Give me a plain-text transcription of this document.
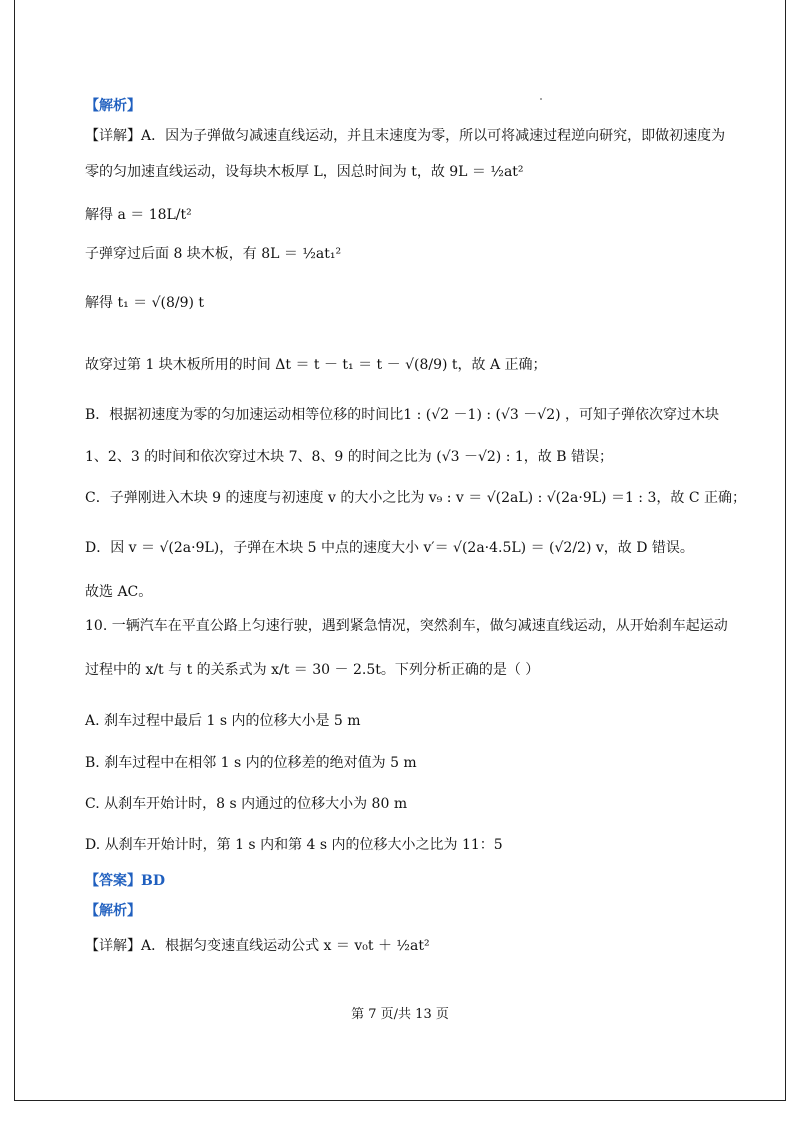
【解析】
【详解】A．因为子弹做匀减速直线运动，并且末速度为零，所以可将减速过程逆向研究，即做初速度为
零的匀加速直线运动，设每块木板厚 L，因总时间为 t，故 9L ＝ ½at²
解得 a ＝ 18L/t²
子弹穿过后面 8 块木板，有 8L ＝ ½at₁²
解得 t₁ ＝ √(8/9) t
故穿过第 1 块木板所用的时间 Δt ＝ t － t₁ ＝ t － √(8/9) t，故 A 正确；
B．根据初速度为零的匀加速运动相等位移的时间比1 : (√2 －1) : (√3 －√2) ，可知子弹依次穿过木块
1、2、3 的时间和依次穿过木块 7、8、9 的时间之比为 (√3 －√2) : 1，故 B 错误；
C．子弹刚进入木块 9 的速度与初速度 v 的大小之比为 v₉ : v ＝ √(2aL) : √(2a·9L) ＝1 : 3，故 C 正确；
D．因 v ＝ √(2a·9L)，子弹在木块 5 中点的速度大小 v′＝ √(2a·4.5L) ＝ (√2/2) v，故 D 错误。
故选 AC。
10. 一辆汽车在平直公路上匀速行驶，遇到紧急情况，突然刹车，做匀减速直线运动，从开始刹车起运动
过程中的 x/t 与 t 的关系式为 x/t ＝ 30 － 2.5t。下列分析正确的是（ ）
A. 刹车过程中最后 1 s 内的位移大小是 5 m
B. 刹车过程中在相邻 1 s 内的位移差的绝对值为 5 m
C. 从刹车开始计时，8 s 内通过的位移大小为 80 m
D. 从刹车开始计时，第 1 s 内和第 4 s 内的位移大小之比为 11：5
【答案】BD
【解析】
【详解】A．根据匀变速直线运动公式 x ＝ v₀t ＋ ½at²
第 7 页/共 13 页
